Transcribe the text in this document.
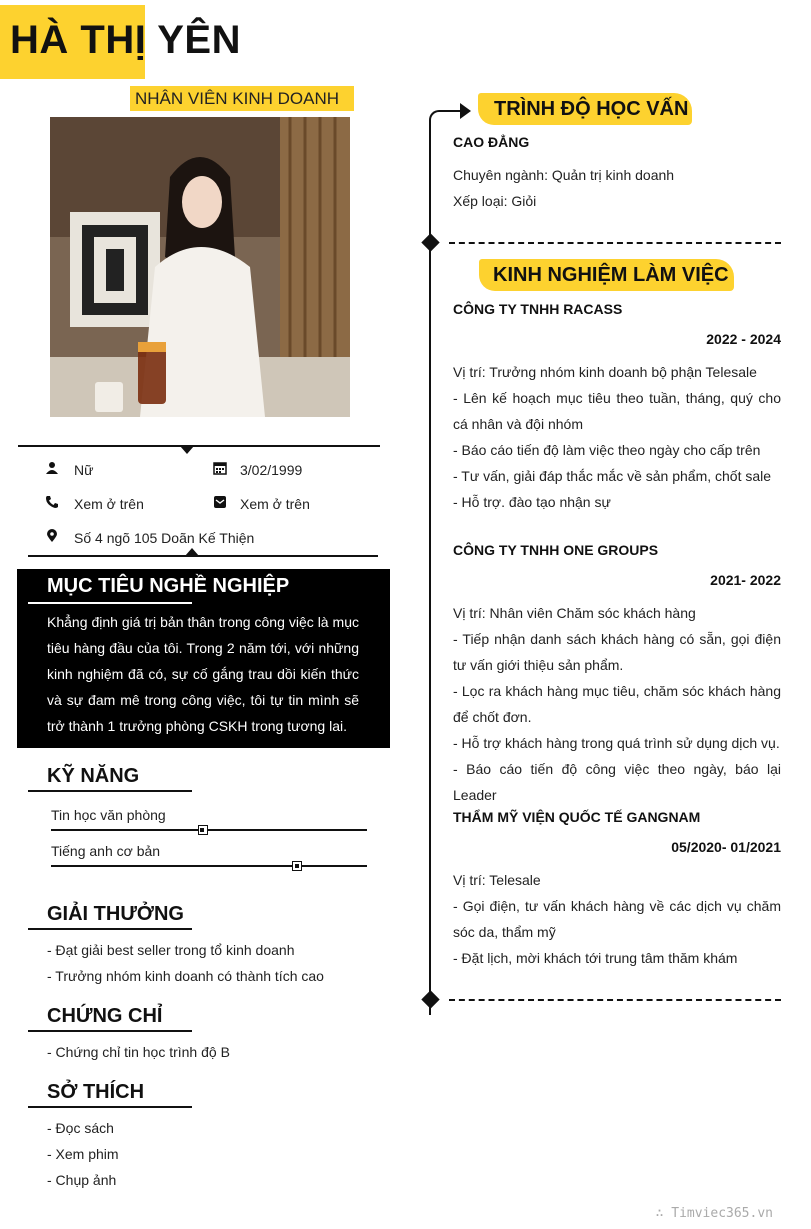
HÀ THỊ YÊN
NHÂN VIÊN KINH DOANH
Nữ	3/02/1999
Xem ở trên	Xem ở trên
Số 4 ngõ 105 Doãn Kế Thiện
MỤC TIÊU NGHỀ NGHIỆP
Khẳng định giá trị bản thân trong công việc là mục tiêu hàng đầu của tôi. Trong 2 năm tới, với những kinh nghiệm đã có, sự cố gắng trau dồi kiến thức và sự đam mê trong công việc, tôi tự tin mình sẽ trở thành 1 trưởng phòng CSKH trong tương lai.
KỸ NĂNG
Tin học văn phòng
Tiếng anh cơ bản
GIẢI THƯỞNG
- Đạt giải best seller trong tổ kinh doanh
- Trưởng nhóm kinh doanh có thành tích cao
CHỨNG CHỈ
- Chứng chỉ tin học trình độ B
SỞ THÍCH
- Đọc sách
- Xem phim
- Chụp ảnh
TRÌNH ĐỘ HỌC VẤN
CAO ĐẲNG
Chuyên ngành: Quản trị kinh doanh
Xếp loại: Giỏi
KINH NGHIỆM LÀM VIỆC
CÔNG TY TNHH RACASS
2022 - 2024
Vị trí: Trưởng nhóm kinh doanh bộ phận Telesale
- Lên kế hoạch mục tiêu theo tuần, tháng, quý cho cá nhân và đội nhóm
- Báo cáo tiến độ làm việc theo ngày cho cấp trên
- Tư vấn, giải đáp thắc mắc về sản phẩm, chốt sale
- Hỗ trợ. đào tạo nhận sự
CÔNG TY TNHH ONE GROUPS
2021- 2022
Vị trí: Nhân viên Chăm sóc khách hàng
- Tiếp nhận danh sách khách hàng có sẵn, gọi điện tư vấn giới thiệu sản phẩm.
- Lọc ra khách hàng mục tiêu, chăm sóc khách hàng để chốt đơn.
- Hỗ trợ khách hàng trong quá trình sử dụng dịch vụ.
- Báo cáo tiến độ công việc theo ngày, báo lại Leader
THẨM MỸ VIỆN QUỐC TẾ GANGNAM
05/2020- 01/2021
Vị trí: Telesale
- Gọi điện, tư vấn khách hàng về các dịch vụ chăm sóc da, thẩm mỹ
- Đặt lịch, mời khách tới trung tâm thăm khám
∴ Timviec365.vn
